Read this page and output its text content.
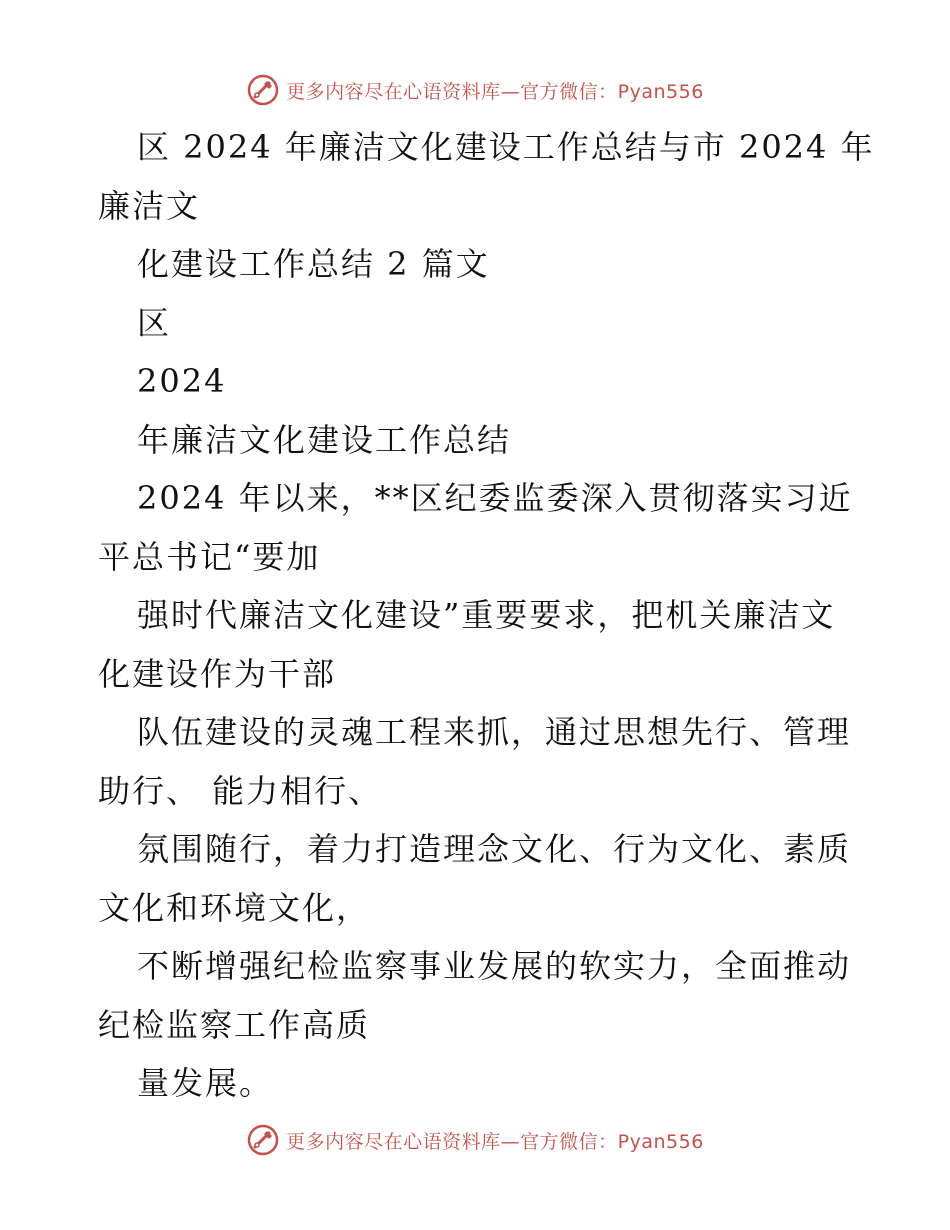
更多内容尽在心语资料库—官方微信：Pyan556
区 2024 年廉洁文化建设工作总结与市 2024 年
廉洁文
化建设工作总结 2 篇文
区
2024
年廉洁文化建设工作总结
2024 年以来，**区纪委监委深入贯彻落实习近
平总书记“要加
强时代廉洁文化建设”重要要求，把机关廉洁文
化建设作为干部
队伍建设的灵魂工程来抓，通过思想先行、管理
助行、 能力相行、
氛围随行，着力打造理念文化、行为文化、素质
文化和环境文化，
不断增强纪检监察事业发展的软实力，全面推动
纪检监察工作高质
量发展。
更多内容尽在心语资料库—官方微信：Pyan556
